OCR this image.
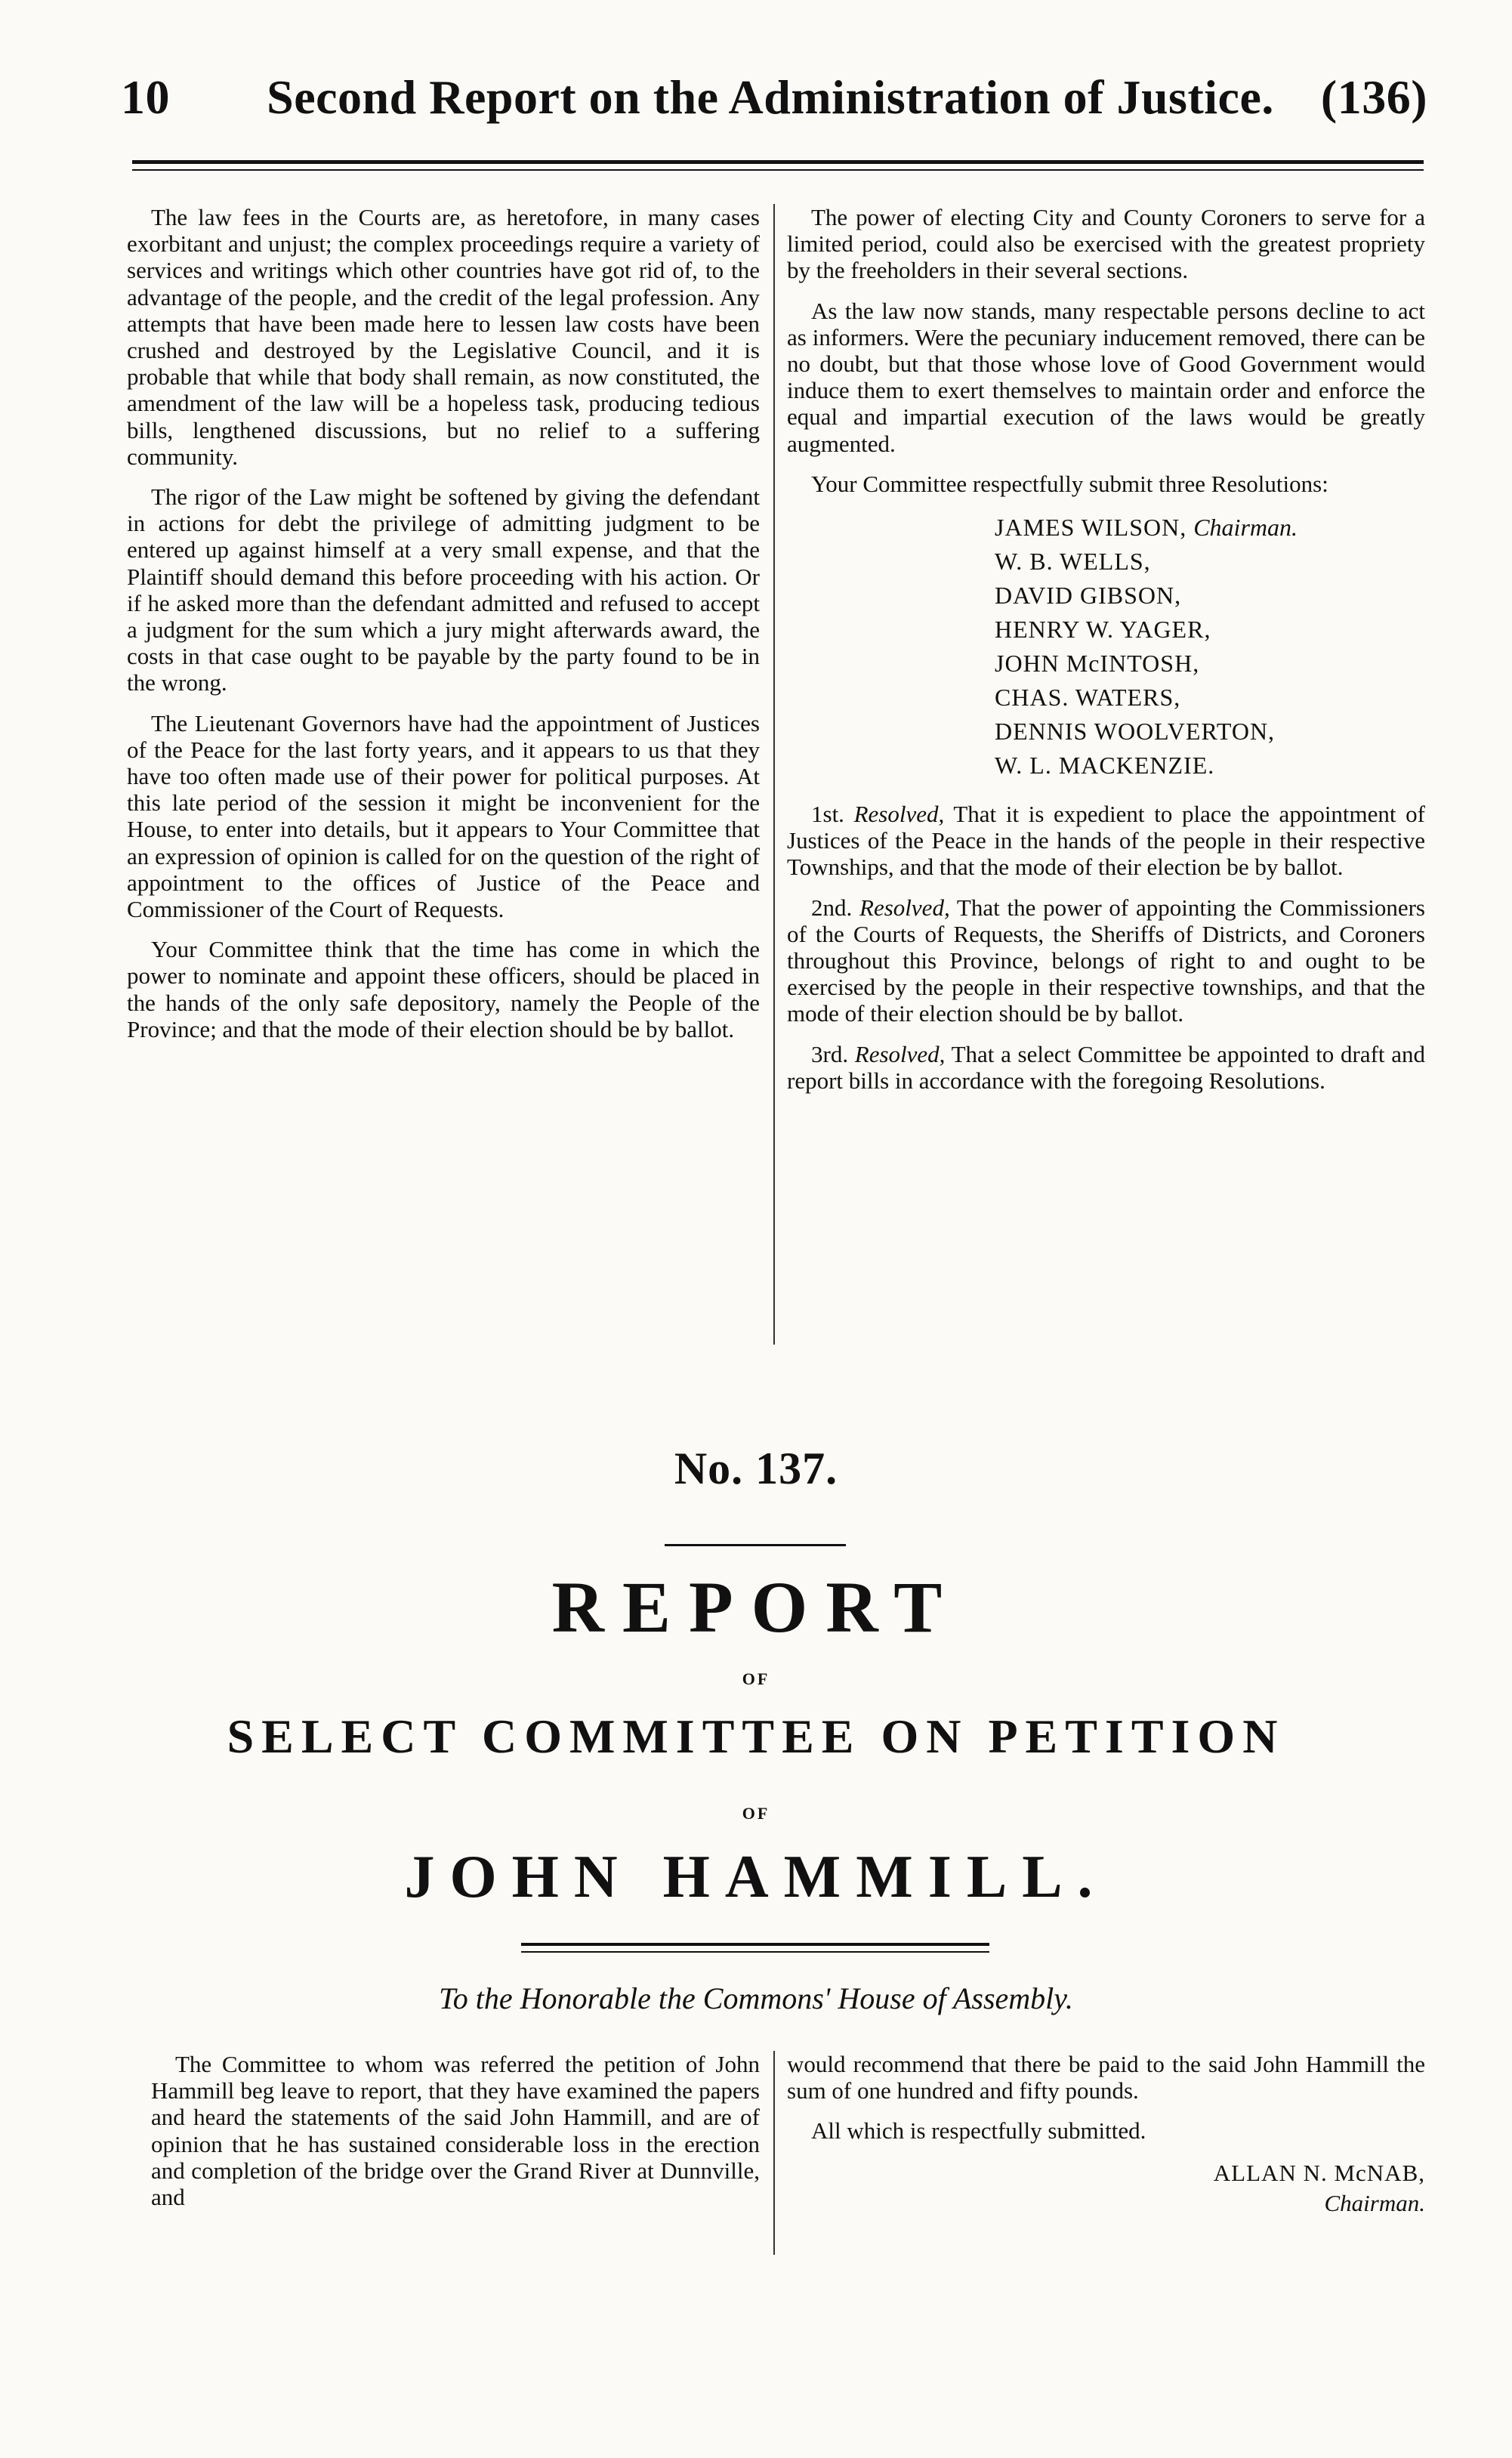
10	Second Report on the Administration of Justice. (136)

The law fees in the Courts are, as heretofore, in many cases exorbitant and unjust; the complex proceedings require a variety of services and writings which other countries have got rid of, to the advantage of the people, and the credit of the legal profession. Any attempts that have been made here to lessen law costs have been crushed and destroyed by the Legislative Council, and it is probable that while that body shall remain, as now constituted, the amendment of the law will be a hopeless task, producing tedious bills, lengthened discussions, but no relief to a suffering community.

The rigor of the Law might be softened by giving the defendant in actions for debt the privilege of admitting judgment to be entered up against himself at a very small expense, and that the Plaintiff should demand this before proceeding with his action. Or if he asked more than the defendant admitted and refused to accept a judgment for the sum which a jury might afterwards award, the costs in that case ought to be payable by the party found to be in the wrong.

The Lieutenant Governors have had the appointment of Justices of the Peace for the last forty years, and it appears to us that they have too often made use of their power for political purposes. At this late period of the session it might be inconvenient for the House, to enter into details, but it appears to Your Committee that an expression of opinion is called for on the question of the right of appointment to the offices of Justice of the Peace and Commissioner of the Court of Requests.

Your Committee think that the time has come in which the power to nominate and appoint these officers, should be placed in the hands of the only safe depository, namely the People of the Province; and that the mode of their election should be by ballot.

The power of electing City and County Coroners to serve for a limited period, could also be exercised with the greatest propriety by the freeholders in their several sections.

As the law now stands, many respectable persons decline to act as informers. Were the pecuniary inducement removed, there can be no doubt, but that those whose love of Good Government would induce them to exert themselves to maintain order and enforce the equal and impartial execution of the laws would be greatly augmented.

Your Committee respectfully submit three Resolutions:

JAMES WILSON, Chairman.
W. B. WELLS,
DAVID GIBSON,
HENRY W. YAGER,
JOHN McINTOSH,
CHAS. WATERS,
DENNIS WOOLVERTON,
W. L. MACKENZIE.

1st. Resolved, That it is expedient to place the appointment of Justices of the Peace in the hands of the people in their respective Townships, and that the mode of their election be by ballot.

2nd. Resolved, That the power of appointing the Commissioners of the Courts of Requests, the Sheriffs of Districts, and Coroners throughout this Province, belongs of right to and ought to be exercised by the people in their respective townships, and that the mode of their election should be by ballot.

3rd. Resolved, That a select Committee be appointed to draft and report bills in accordance with the foregoing Resolutions.

No. 137.
REPORT
OF
SELECT COMMITTEE ON PETITION
OF
JOHN HAMMILL.
To the Honorable the Commons' House of Assembly.

The Committee to whom was referred the petition of John Hammill beg leave to report, that they have examined the papers and heard the statements of the said John Hammill, and are of opinion that he has sustained considerable loss in the erection and completion of the bridge over the Grand River at Dunnville, and

would recommend that there be paid to the said John Hammill the sum of one hundred and fifty pounds.

All which is respectfully submitted.

ALLAN N. McNAB,
Chairman.
